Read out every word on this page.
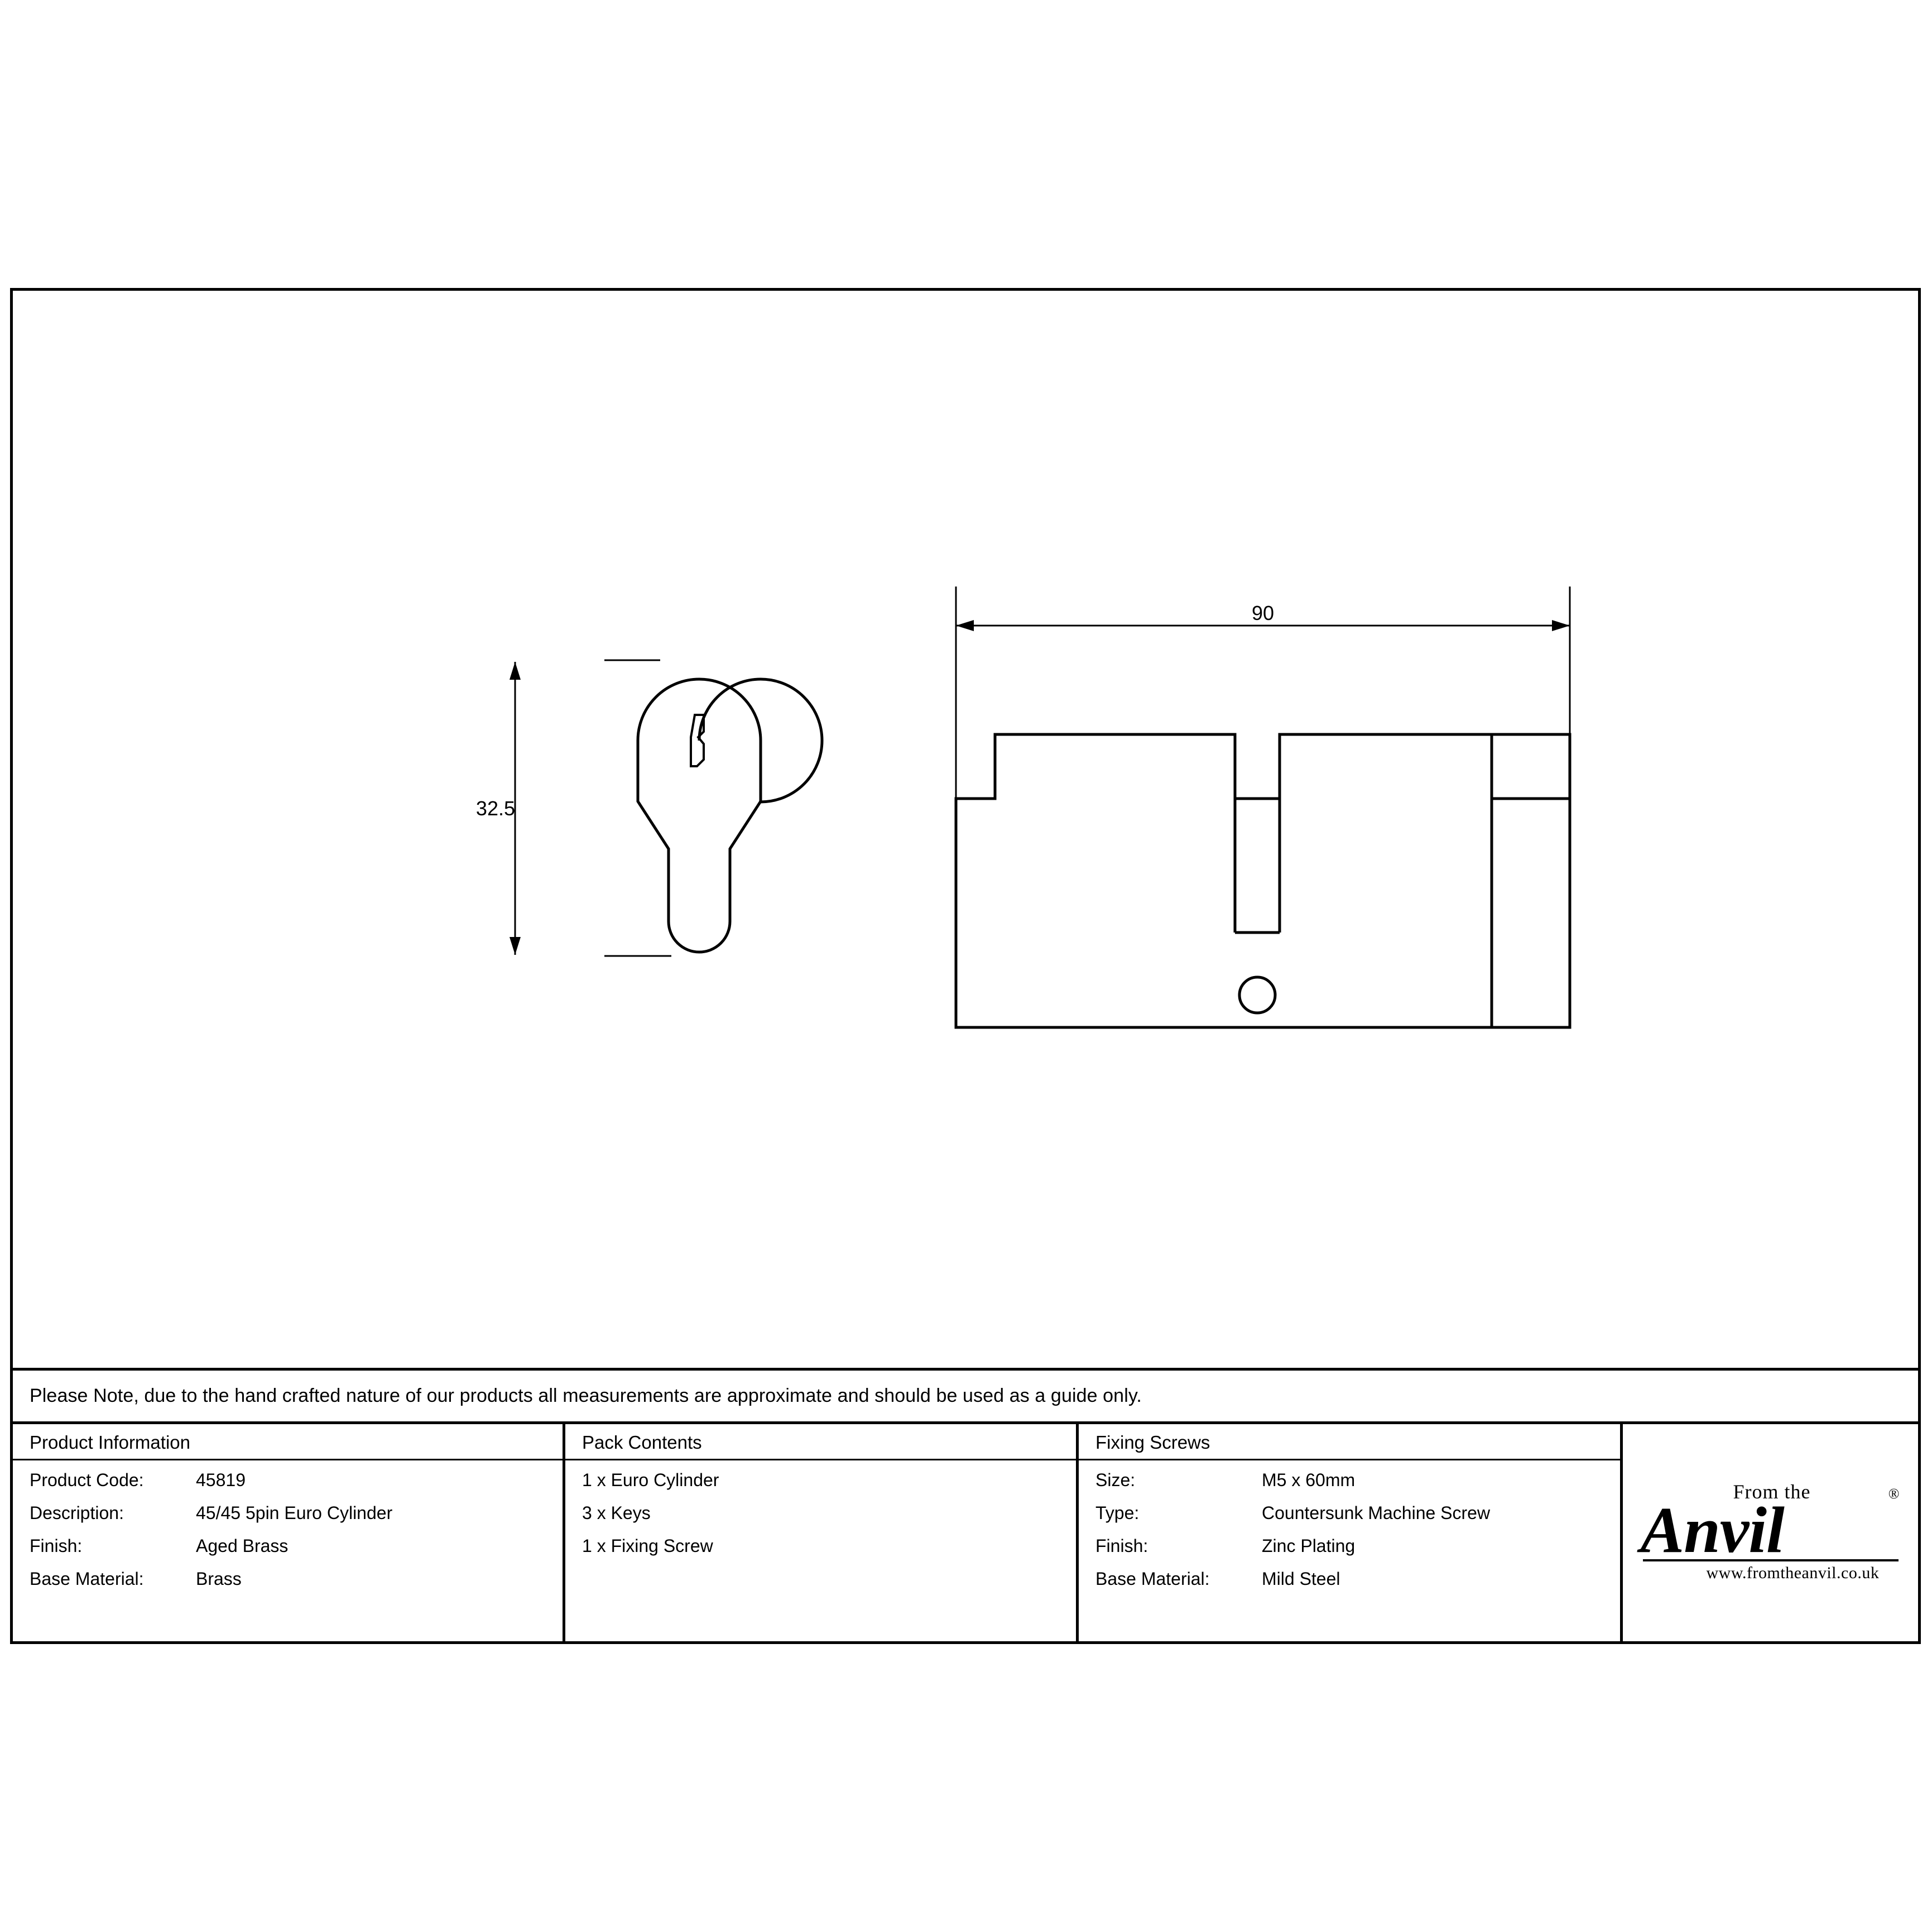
32.5
90
Please Note, due to the hand crafted nature of our products all measurements are approximate and should be used as a guide only.
Product Information
Product Code:	45819
Description:	45/45 5pin Euro Cylinder
Finish:	Aged Brass
Base Material:	Brass
Pack Contents
1 x Euro Cylinder
3 x Keys
1 x Fixing Screw
Fixing Screws
Size:	M5 x 60mm
Type:	Countersunk Machine Screw
Finish:	Zinc Plating
Base Material:	Mild Steel
From the
Anvil	®
www.fromtheanvil.co.uk
